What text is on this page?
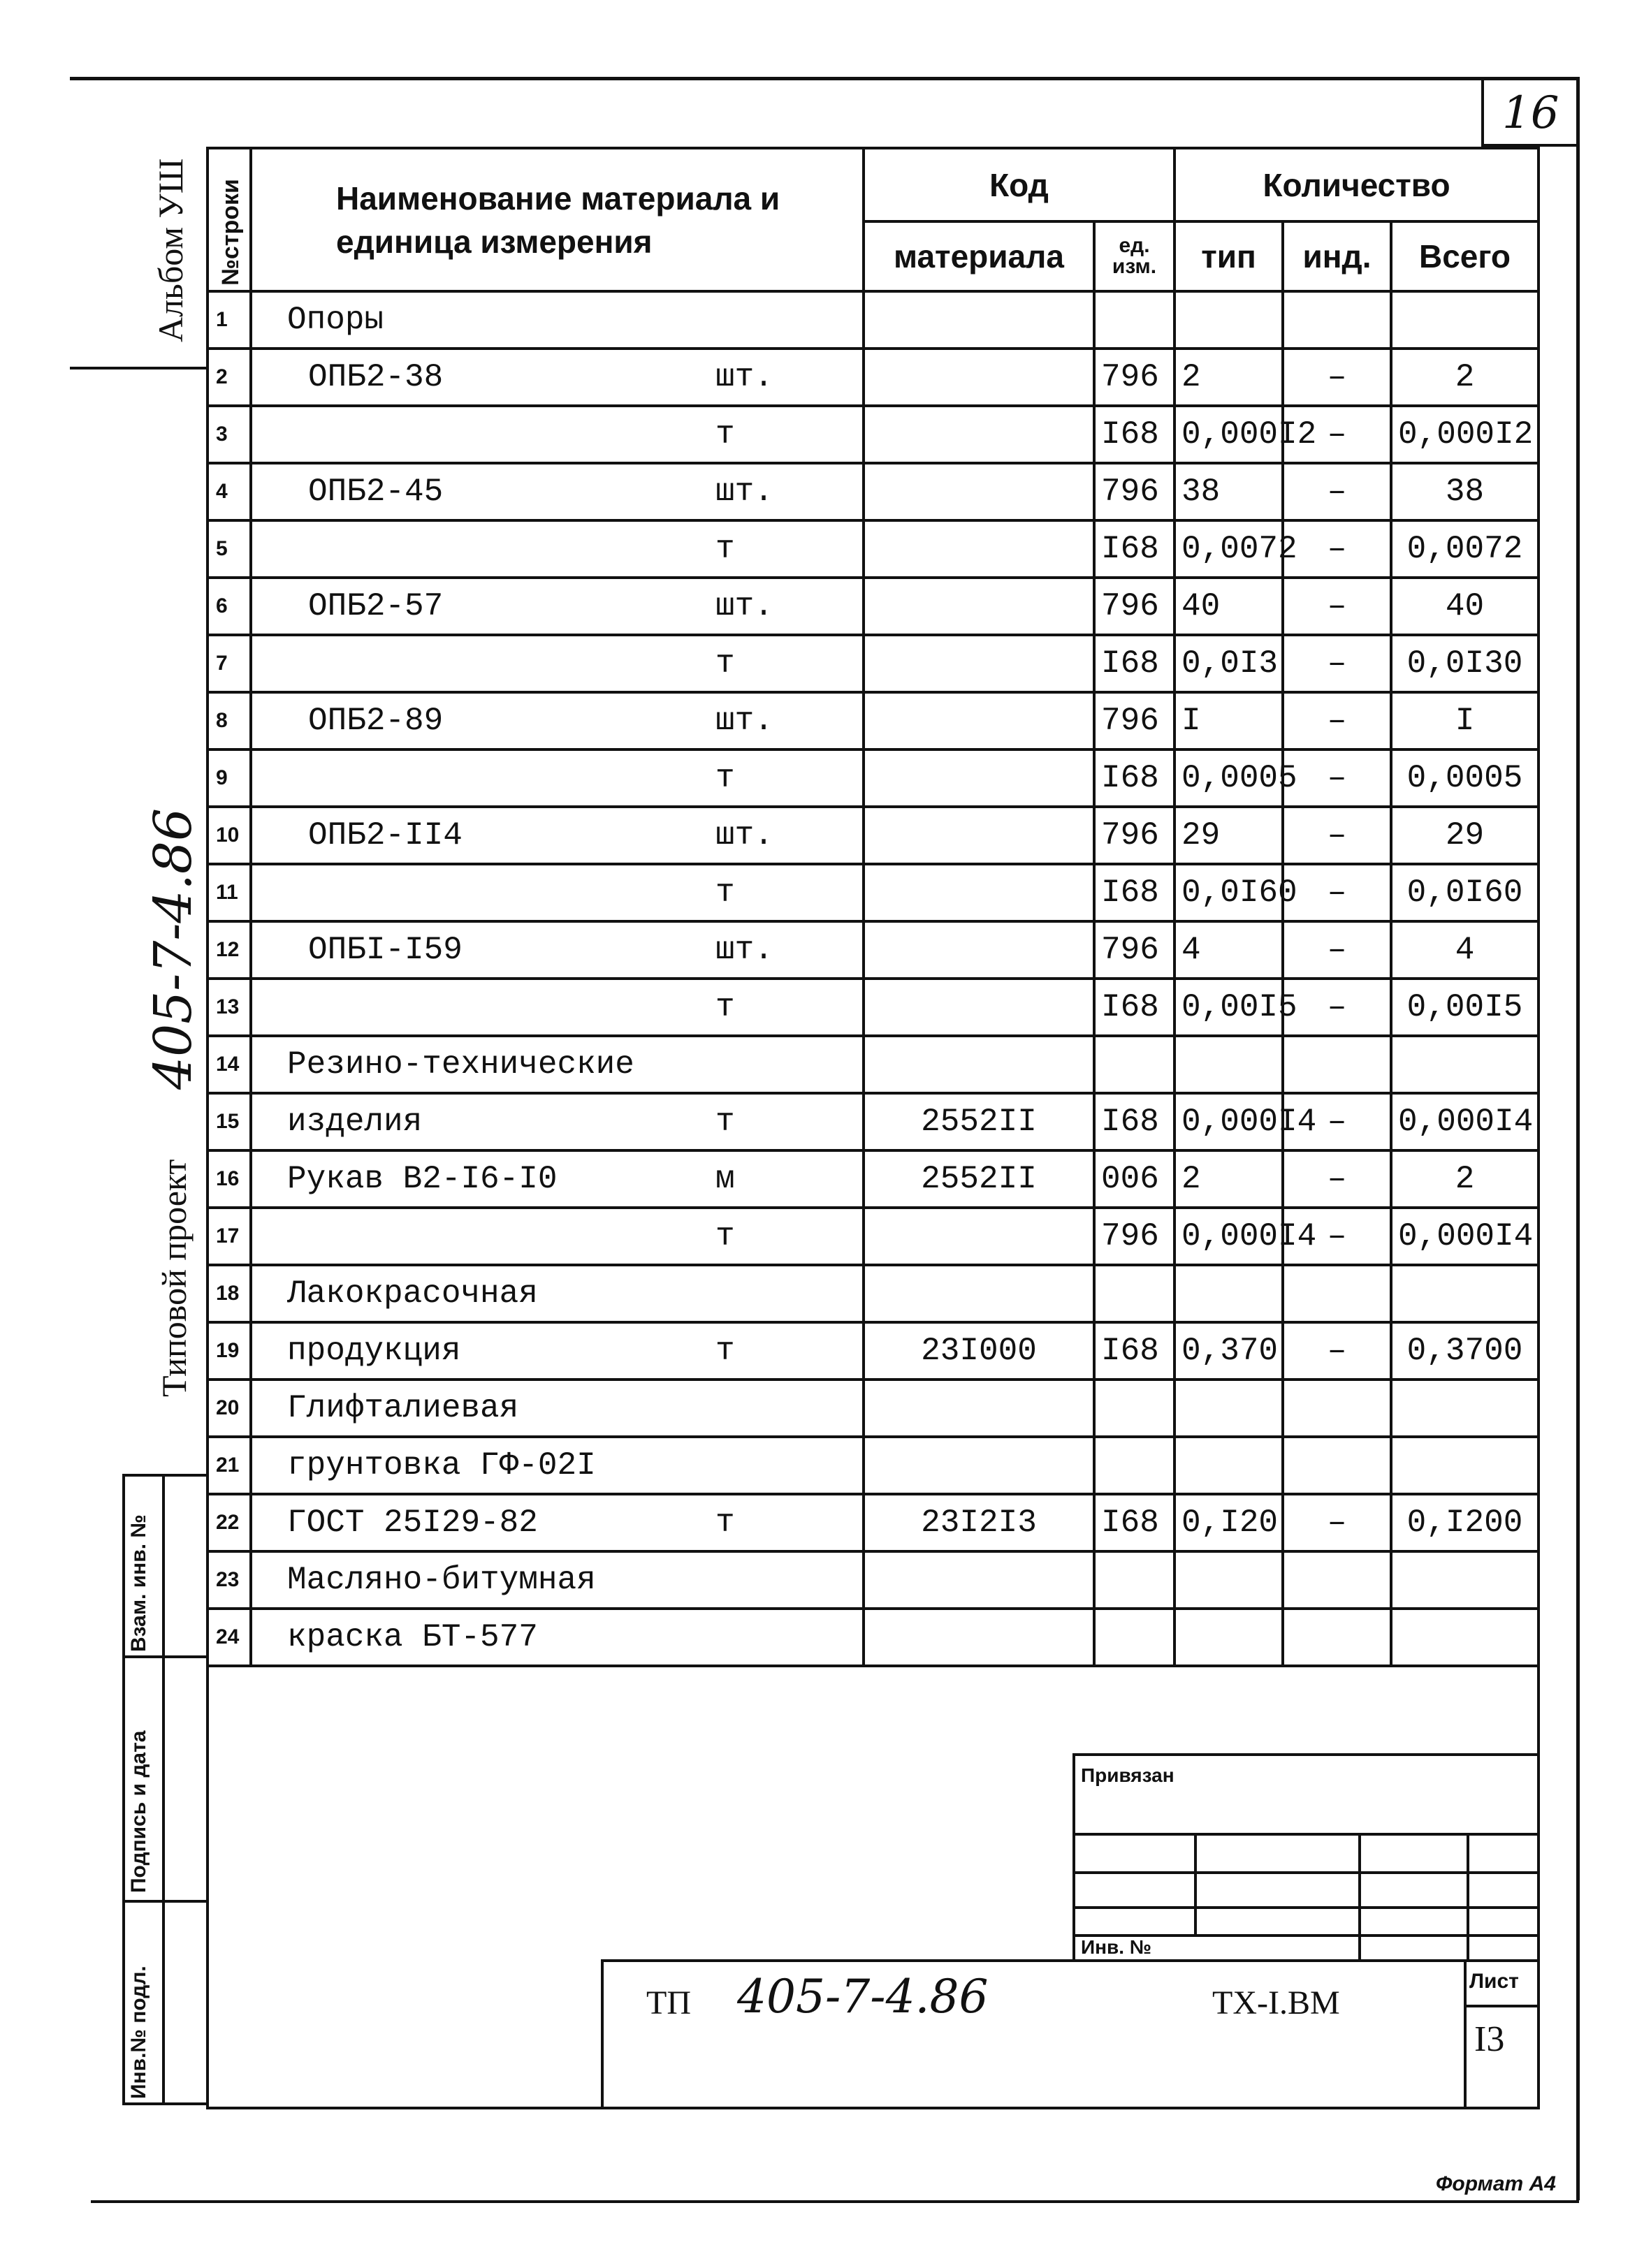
16
Альбом УШ
405-7-4.86
Типовой проект
Взам. инв. №
Подпись и дата
Инв.№ подл.
№строки	Наименование материала и единица измерения		Код		Количество		
			материала	ед. изм.	тип	инд.	Всего
1	Опоры						
2	ОПБ2-38	шт.		796	2	–	2
3		т		I68	0,000I2	–	0,000I2
4	ОПБ2-45	шт.		796	38	–	38
5		т		I68	0,0072	–	0,0072
6	ОПБ2-57	шт.		796	40	–	40
7		т		I68	0,0I3	–	0,0I30
8	ОПБ2-89	шт.		796	I	–	I
9		т		I68	0,0005	–	0,0005
10	ОПБ2-II4	шт.		796	29	–	29
11		т		I68	0,0I60	–	0,0I60
12	ОПБI-I59	шт.		796	4	–	4
13		т		I68	0,00I5	–	0,00I5
14	Резино-технические						
15	изделия	т	2552II	I68	0,000I4	–	0,000I4
16	Рукав В2-I6-I0	м	2552II	006	2	–	2
17		т		796	0,000I4	–	0,000I4
18	Лакокрасочная						
19	продукция	т	23I000	I68	0,370	–	0,3700
20	Глифталиевая						
21	грунтовка ГФ-02I						
22	ГОСТ 25I29-82	т	23I2I3	I68	0,I20	–	0,I200
23	Масляно-битумная						
24	краска БТ-577						
ТП 405-7-4.86	ТХ-I.ВМ
Лист
I3
Привязан
Инв. №
Формат А4
